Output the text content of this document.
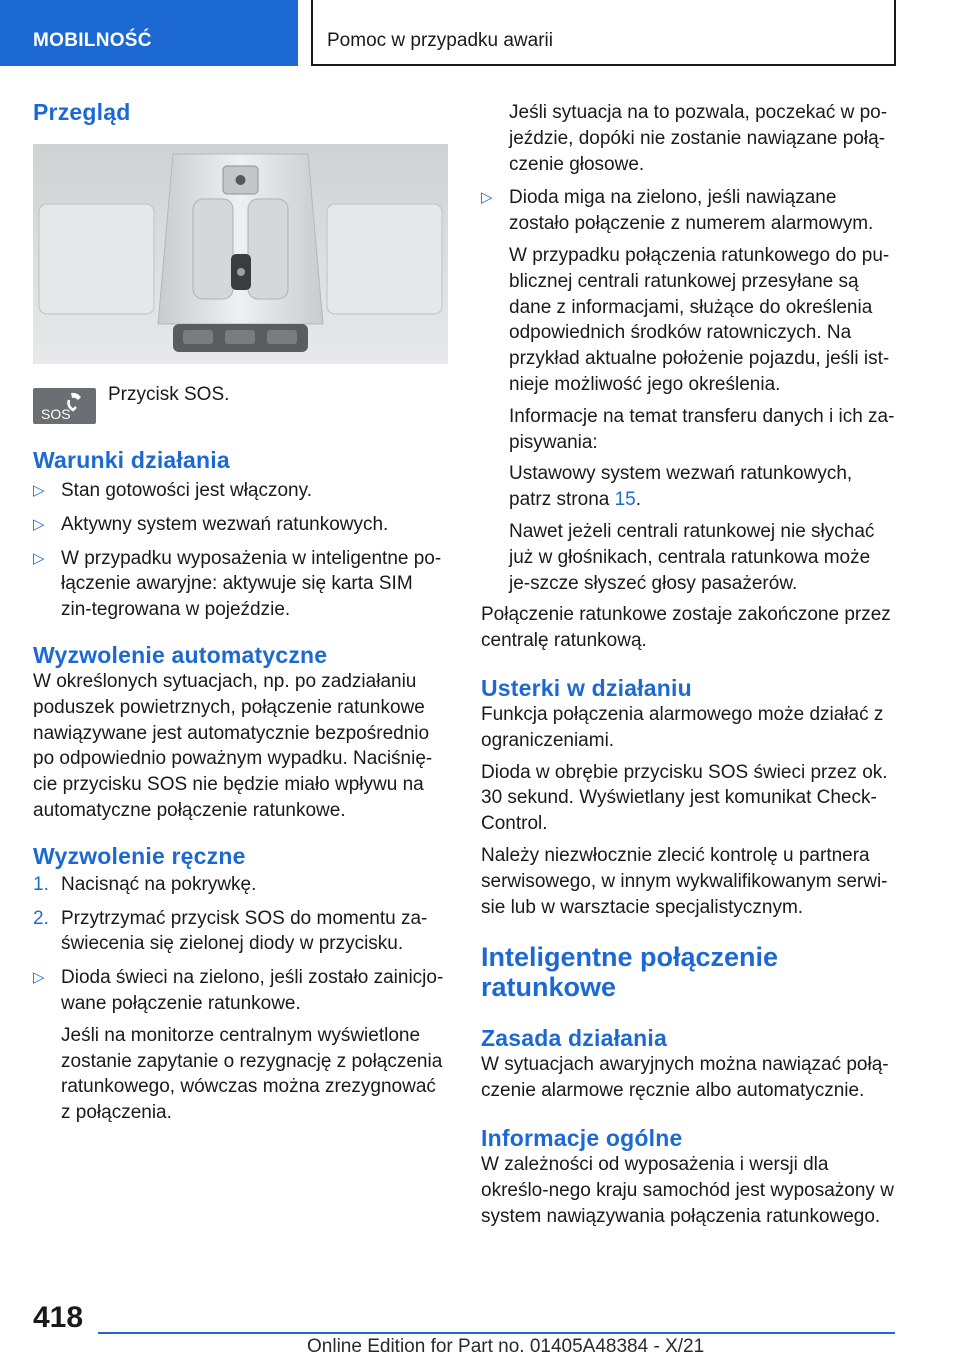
MOBILNOŚĆ	Pomoc w przypadku awarii
Przegląd
SOS

Przycisk SOS.

Warunki działania
▷ Stan gotowości jest włączony.
▷ Aktywny system wezwań ratunkowych.
▷ W przypadku wyposażenia w inteligentne po-łączenie awaryjne: aktywuje się karta SIM zin-tegrowana w pojeździe.
Wyzwolenie automatyczne

W określonych sytuacjach, np. po zadziałaniu poduszek powietrznych, połączenie ratunkowe nawiązywane jest automatycznie bezpośrednio po odpowiednio poważnym wypadku. Naciśnię-cie przycisku SOS nie będzie miało wpływu na automatyczne połączenie ratunkowe.

Wyzwolenie ręczne
1. Nacisnąć na pokrywkę.
2. Przytrzymać przycisk SOS do momentu za-świecenia się zielonej diody w przycisku.
▷ Dioda świeci na zielono, jeśli zostało zainicjo-wane połączenie ratunkowe.

Jeśli na monitorze centralnym wyświetlone zostanie zapytanie o rezygnację z połączenia ratunkowego, wówczas można zrezygnować z połączenia.

Jeśli sytuacja na to pozwala, poczekać w po-jeździe, dopóki nie zostanie nawiązane połą-czenie głosowe.

▷ Dioda miga na zielono, jeśli nawiązane zostało połączenie z numerem alarmowym.

W przypadku połączenia ratunkowego do pu-blicznej centrali ratunkowej przesyłane są dane z informacjami, służące do określenia odpowiednich środków ratowniczych. Na przykład aktualne położenie pojazdu, jeśli ist-nieje możliwość jego określenia.

Informacje na temat transferu danych i ich za-pisywania:

Ustawowy system wezwań ratunkowych, patrz strona 15.

Nawet jeżeli centrali ratunkowej nie słychać już w głośnikach, centrala ratunkowa może je-szcze słyszeć głosy pasażerów.

Połączenie ratunkowe zostaje zakończone przez centralę ratunkową.

Usterki w działaniu

Funkcja połączenia alarmowego może działać z ograniczeniami.

Dioda w obrębie przycisku SOS świeci przez ok. 30 sekund. Wyświetlany jest komunikat Check-Control.

Należy niezwłocznie zlecić kontrolę u partnera serwisowego, w innym wykwalifikowanym serwi-sie lub w warsztacie specjalistycznym.

Inteligentne połączenie ratunkowe
Zasada działania

W sytuacjach awaryjnych można nawiązać połą-czenie alarmowe ręcznie albo automatycznie.

Informacje ogólne

W zależności od wyposażenia i wersji dla określo-nego kraju samochód jest wyposażony w system nawiązywania połączenia ratunkowego.

418
Online Edition for Part no. 01405A48384 - X/21
